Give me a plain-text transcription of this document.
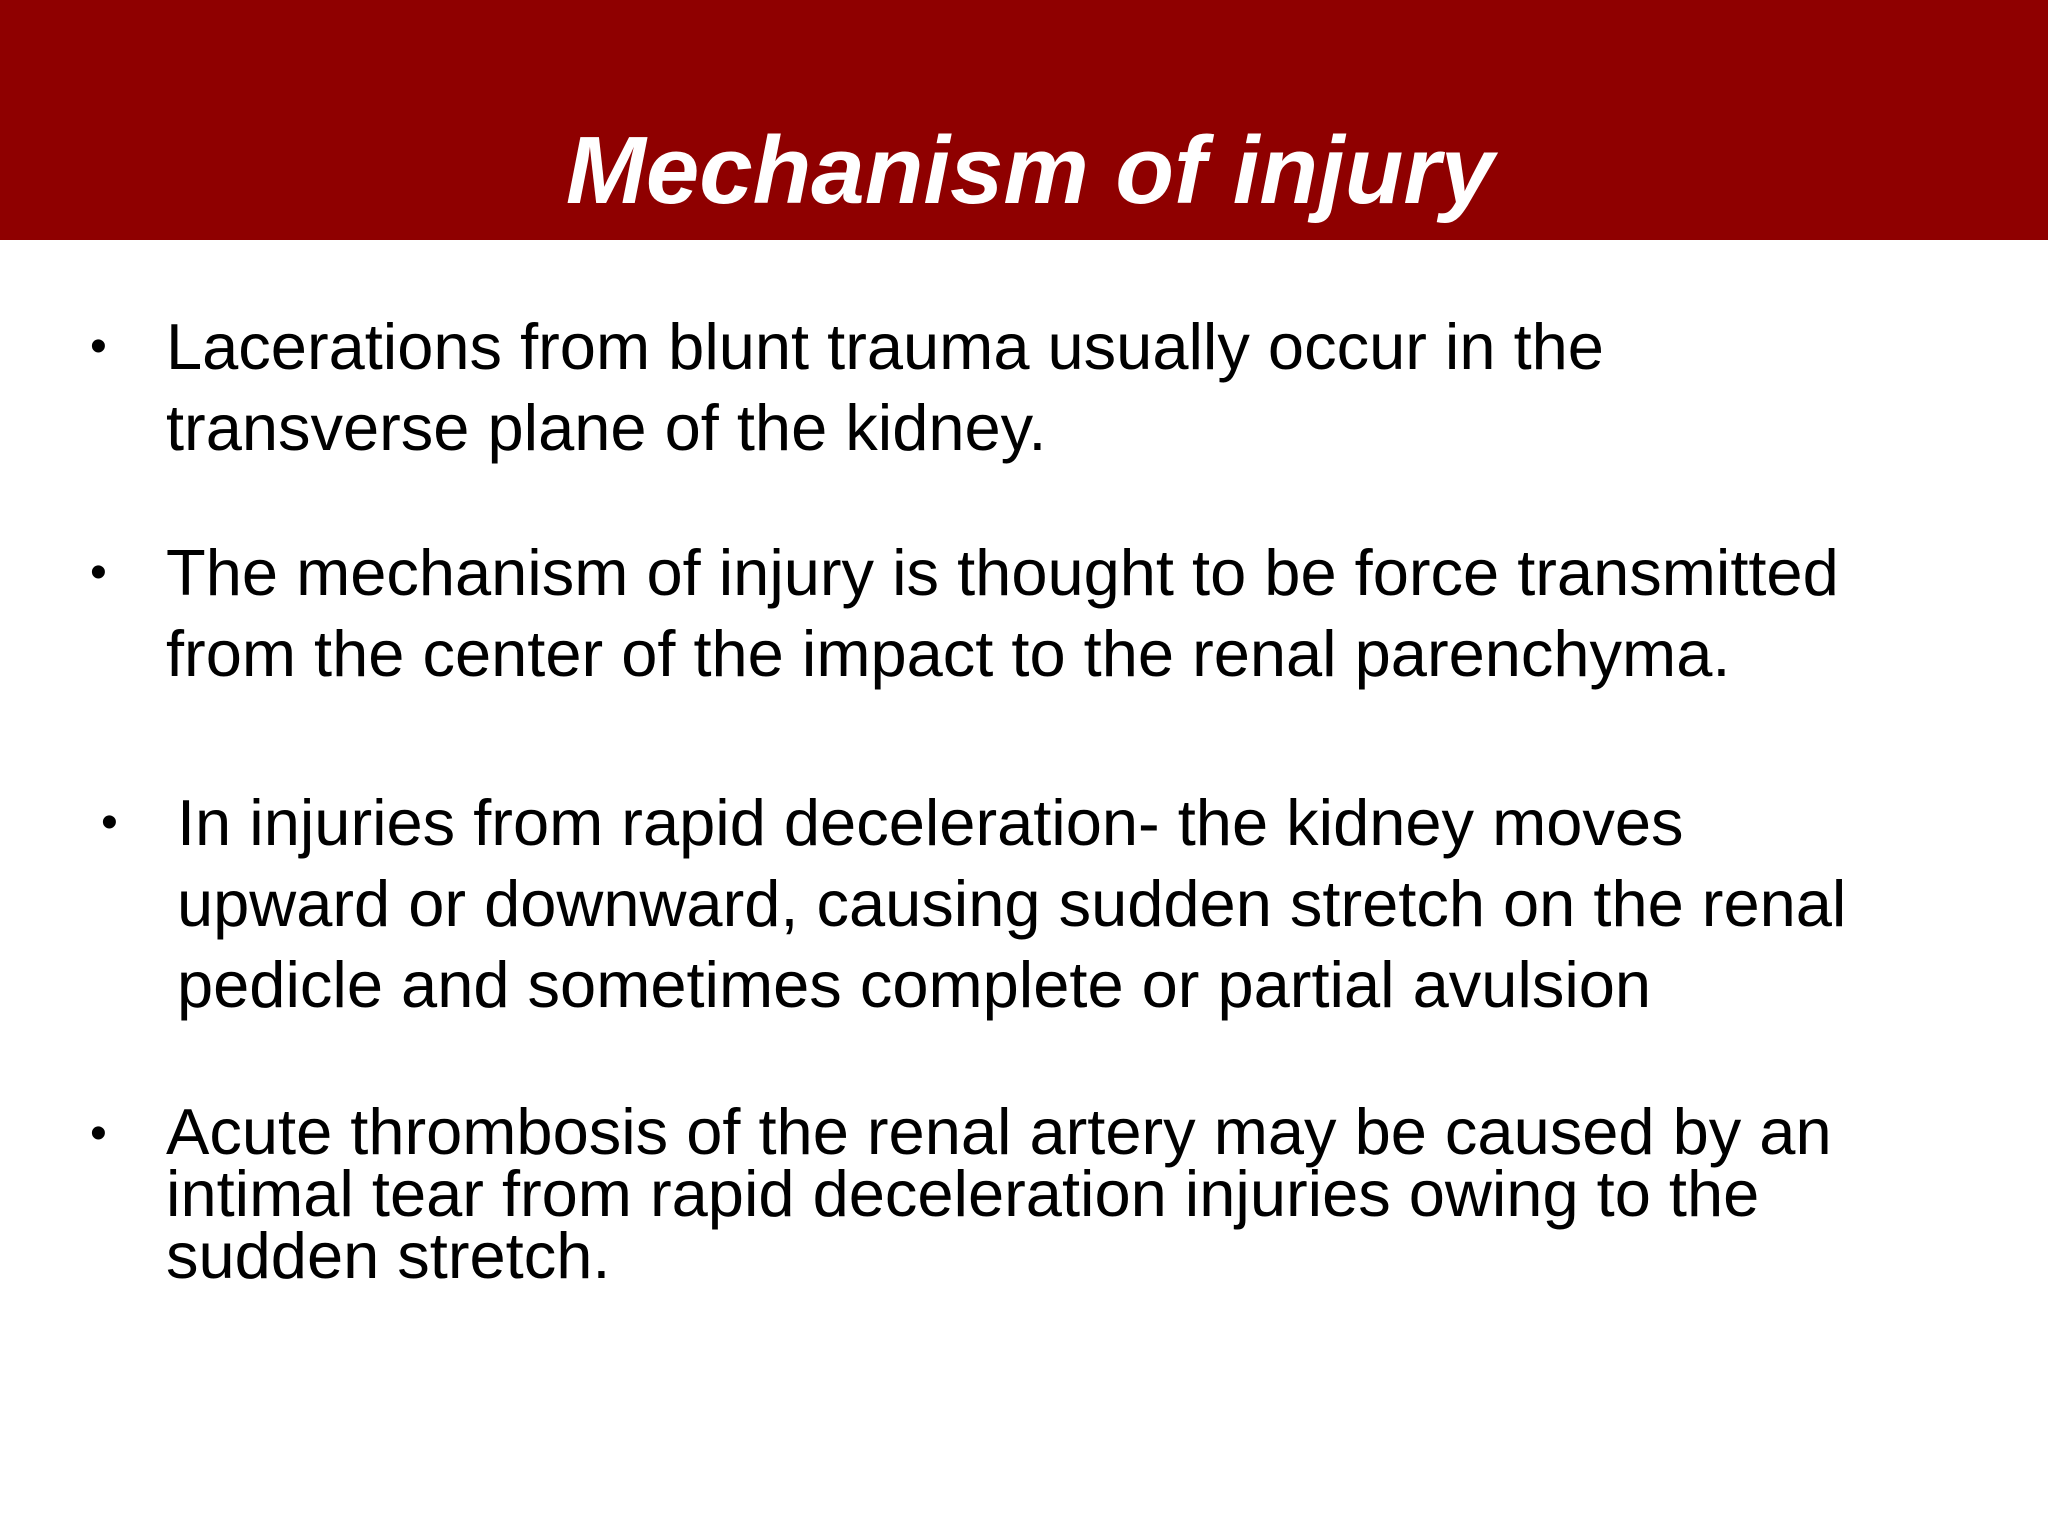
Mechanism of injury
• Lacerations from blunt trauma usually occur in the
transverse plane of the kidney.
• The mechanism of injury is thought to be force transmitted
from the center of the impact to the renal parenchyma.
• In injuries from rapid deceleration- the kidney moves
upward or downward, causing sudden stretch on the renal
pedicle and sometimes complete or partial avulsion
• Acute thrombosis of the renal artery may be caused by an
intimal tear from rapid deceleration injuries owing to the
sudden stretch.
